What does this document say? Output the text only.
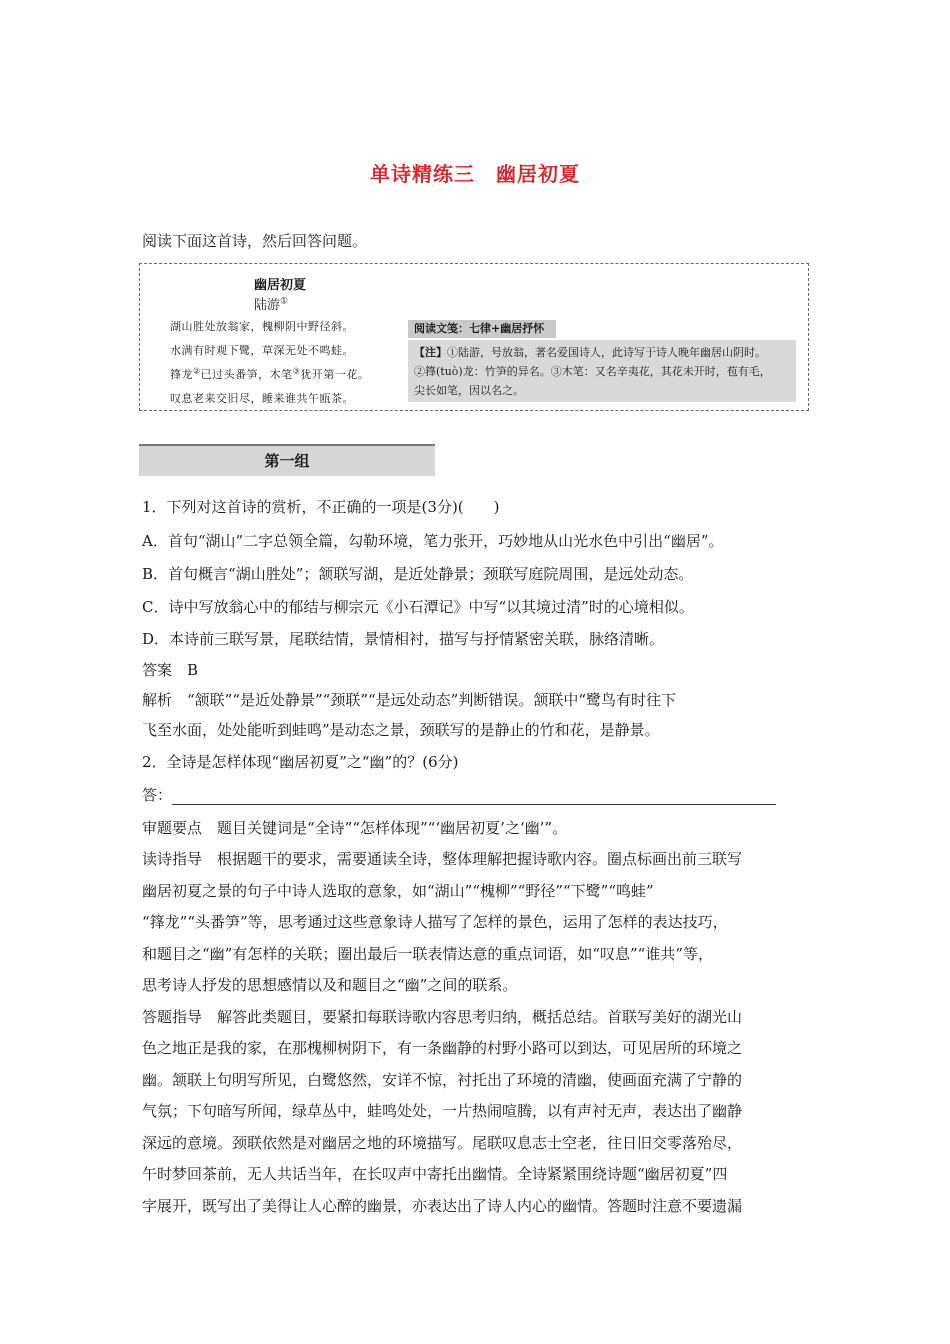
单诗精练三　幽居初夏
阅读下面这首诗，然后回答问题。
幽居初夏
陆游①
湖山胜处放翁家，槐柳阴中野径斜。
水满有时观下鹭，草深无处不鸣蛙。
箨龙②已过头番笋，木笔③犹开第一花。
叹息老来交旧尽，睡来谁共午瓯茶。
阅读文笺：七律+幽居抒怀
【注】①陆游，号放翁，著名爱国诗人，此诗写于诗人晚年幽居山阴时。
②箨(tuò)龙：竹笋的异名。③木笔：又名辛夷花，其花未开时，苞有毛，
尖长如笔，因以名之。
第一组
1．下列对这首诗的赏析，不正确的一项是(3分)(　　)
A．首句“湖山”二字总领全篇，勾勒环境，笔力张开，巧妙地从山光水色中引出“幽居”。
B．首句概言“湖山胜处”；颔联写湖，是近处静景；颈联写庭院周围，是远处动态。
C．诗中写放翁心中的郁结与柳宗元《小石潭记》中写“以其境过清”时的心境相似。
D．本诗前三联写景，尾联结情，景情相衬，描写与抒情紧密关联，脉络清晰。
答案　B
解析　“颔联”“是近处静景”“颈联”“是远处动态”判断错误。颔联中“鹭鸟有时往下
飞至水面，处处能听到蛙鸣”是动态之景，颈联写的是静止的竹和花，是静景。
2．全诗是怎样体现“幽居初夏”之“幽”的？(6分)
答：
审题要点　题目关键词是“全诗”“怎样体现”“‘幽居初夏’之‘幽’”。
读诗指导　根据题干的要求，需要通读全诗，整体理解把握诗歌内容。圈点标画出前三联写
幽居初夏之景的句子中诗人选取的意象，如“湖山”“槐柳”“野径”“下鹭”“鸣蛙”
“箨龙”“头番笋”等，思考通过这些意象诗人描写了怎样的景色，运用了怎样的表达技巧，
和题目之“幽”有怎样的关联；圈出最后一联表情达意的重点词语，如“叹息”“谁共”等，
思考诗人抒发的思想感情以及和题目之“幽”之间的联系。
答题指导　解答此类题目，要紧扣每联诗歌内容思考归纳，概括总结。首联写美好的湖光山
色之地正是我的家，在那槐柳树阴下，有一条幽静的村野小路可以到达，可见居所的环境之
幽。颔联上句明写所见，白鹭悠然，安详不惊，衬托出了环境的清幽，使画面充满了宁静的
气氛；下句暗写所闻，绿草丛中，蛙鸣处处，一片热闹喧腾，以有声衬无声，表达出了幽静
深远的意境。颈联依然是对幽居之地的环境描写。尾联叹息志士空老，往日旧交零落殆尽，
午时梦回茶前，无人共话当年，在长叹声中寄托出幽情。全诗紧紧围绕诗题“幽居初夏”四
字展开，既写出了美得让人心醉的幽景，亦表达出了诗人内心的幽情。答题时注意不要遗漏
